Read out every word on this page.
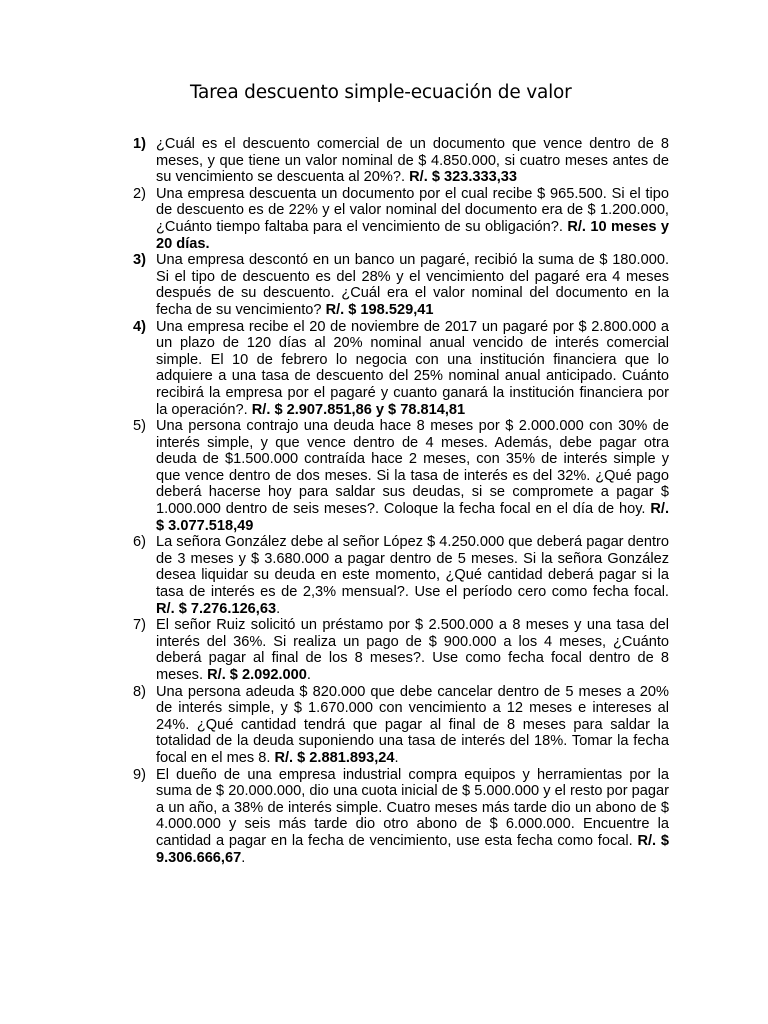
Tarea descuento simple-ecuación de valor
1) ¿Cuál es el descuento comercial de un documento que vence dentro de 8 meses, y que tiene un valor nominal de $ 4.850.000, si cuatro meses antes de su vencimiento se descuenta al 20%?. R/. $ 323.333,33
2) Una empresa descuenta un documento por el cual recibe $ 965.500. Si el tipo de descuento es de 22% y el valor nominal del documento era de $ 1.200.000, ¿Cuánto tiempo faltaba para el vencimiento de su obligación?. R/. 10 meses y 20 días.
3) Una empresa descontó en un banco un pagaré, recibió la suma de $ 180.000. Si el tipo de descuento es del 28% y el vencimiento del pagaré era 4 meses después de su descuento. ¿Cuál era el valor nominal del documento en la fecha de su vencimiento? R/. $ 198.529,41
4) Una empresa recibe el 20 de noviembre de 2017 un pagaré por $ 2.800.000 a un plazo de 120 días al 20% nominal anual vencido de interés comercial simple. El 10 de febrero lo negocia con una institución financiera que lo adquiere a una tasa de descuento del 25% nominal anual anticipado. Cuánto recibirá la empresa por el pagaré y cuanto ganará la institución financiera por la operación?. R/. $ 2.907.851,86 y $ 78.814,81
5) Una persona contrajo una deuda hace 8 meses por $ 2.000.000 con 30% de interés simple, y que vence dentro de 4 meses. Además, debe pagar otra deuda de $1.500.000 contraída hace 2 meses, con 35% de interés simple y que vence dentro de dos meses. Si la tasa de interés es del 32%. ¿Qué pago deberá hacerse hoy para saldar sus deudas, si se compromete a pagar $ 1.000.000 dentro de seis meses?. Coloque la fecha focal en el día de hoy. R/. $ 3.077.518,49
6) La señora González debe al señor López $ 4.250.000 que deberá pagar dentro de 3 meses y $ 3.680.000 a pagar dentro de 5 meses. Si la señora González desea liquidar su deuda en este momento, ¿Qué cantidad deberá pagar si la tasa de interés es de 2,3% mensual?. Use el período cero como fecha focal. R/. $ 7.276.126,63.
7) El señor Ruiz solicitó un préstamo por $ 2.500.000 a 8 meses y una tasa del interés del 36%. Si realiza un pago de $ 900.000 a los 4 meses, ¿Cuánto deberá pagar al final de los 8 meses?. Use como fecha focal dentro de 8 meses. R/. $ 2.092.000.
8) Una persona adeuda $ 820.000 que debe cancelar dentro de 5 meses a 20% de interés simple, y $ 1.670.000 con vencimiento a 12 meses e intereses al 24%. ¿Qué cantidad tendrá que pagar al final de 8 meses para saldar la totalidad de la deuda suponiendo una tasa de interés del 18%. Tomar la fecha focal en el mes 8. R/. $ 2.881.893,24.
9) El dueño de una empresa industrial compra equipos y herramientas por la suma de $ 20.000.000, dio una cuota inicial de $ 5.000.000 y el resto por pagar a un año, a 38% de interés simple. Cuatro meses más tarde dio un abono de $ 4.000.000 y seis más tarde dio otro abono de $ 6.000.000. Encuentre la cantidad a pagar en la fecha de vencimiento, use esta fecha como focal. R/. $ 9.306.666,67.
